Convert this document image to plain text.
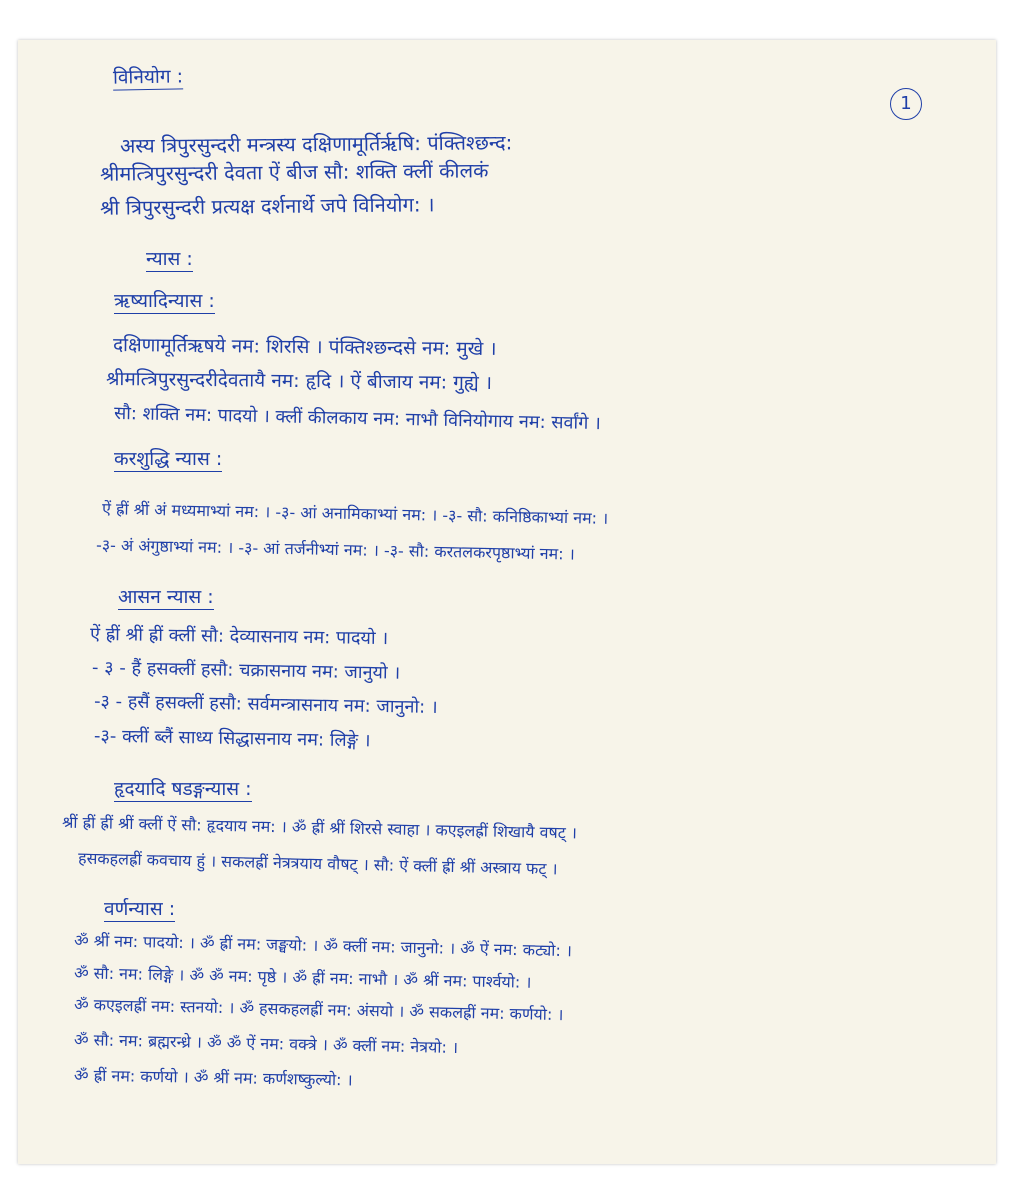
1
विनियोग :
अस्य त्रिपुरसुन्दरी मन्त्रस्य दक्षिणामूर्तिर्ऋषि: पंक्तिश्छन्द:
श्रीमत्त्रिपुरसुन्दरी देवता ऐं बीज सौ: शक्ति क्लीं कीलकं
श्री त्रिपुरसुन्दरी प्रत्यक्ष दर्शनार्थे जपे विनियोग: ।
न्यास :
ऋष्यादिन्यास :
दक्षिणामूर्तिऋषये नम: शिरसि । पंक्तिश्छन्दसे नम: मुखे ।
श्रीमत्त्रिपुरसुन्दरीदेवतायै नम: हृदि । ऐं बीजाय नम: गुह्ये ।
सौ: शक्ति नम: पादयो । क्लीं कीलकाय नम: नाभौ विनियोगाय नम: सर्वांगे ।
करशुद्धि न्यास :
ऐं ह्रीं श्रीं अं मध्यमाभ्यां नम: । -३- आं अनामिकाभ्यां नम: । -३- सौ: कनिष्ठिकाभ्यां नम: ।
-३- अं अंगुष्ठाभ्यां नम: । -३- आं तर्जनीभ्यां नम: । -३- सौ: करतलकरपृष्ठाभ्यां नम: ।
आसन न्यास :
ऐं ह्रीं श्रीं ह्रीं क्लीं सौ: देव्यासनाय नम: पादयो ।
- ३ - हैं हसक्लीं हसौ: चक्रासनाय नम: जानुयो ।
-३ - हसैं हसक्लीं हसौ: सर्वमन्त्रासनाय नम: जानुनो: ।
-३- क्लीं ब्लैं साध्य सिद्धासनाय नम: लिङ्गे ।
हृदयादि षडङ्गन्यास :
श्रीं ह्रीं ह्रीं श्रीं क्लीं ऐं सौ: हृदयाय नम: । ॐ ह्रीं श्रीं शिरसे स्वाहा । कएइलह्रीं शिखायै वषट् ।
हसकहलह्रीं कवचाय हुं । सकलह्रीं नेत्रत्रयाय वौषट् । सौ: ऐं क्लीं ह्रीं श्रीं अस्त्राय फट् ।
वर्णन्यास :
ॐ श्रीं नम: पादयो: । ॐ ह्रीं नम: जङ्घयो: । ॐ क्लीं नम: जानुनो: । ॐ ऐं नम: कट्यो: ।
ॐ सौ: नम: लिङ्गे । ॐ ॐ नम: पृष्ठे । ॐ ह्रीं नम: नाभौ । ॐ श्रीं नम: पार्श्वयो: ।
ॐ कएइलह्रीं नम: स्तनयो: । ॐ हसकहलह्रीं नम: अंसयो । ॐ सकलह्रीं नम: कर्णयो: ।
ॐ सौ: नम: ब्रह्मरन्ध्रे । ॐ ॐ ऐं नम: वक्त्रे । ॐ क्लीं नम: नेत्रयो: ।
ॐ ह्रीं नम: कर्णयो । ॐ श्रीं नम: कर्णशष्कुल्यो: ।
